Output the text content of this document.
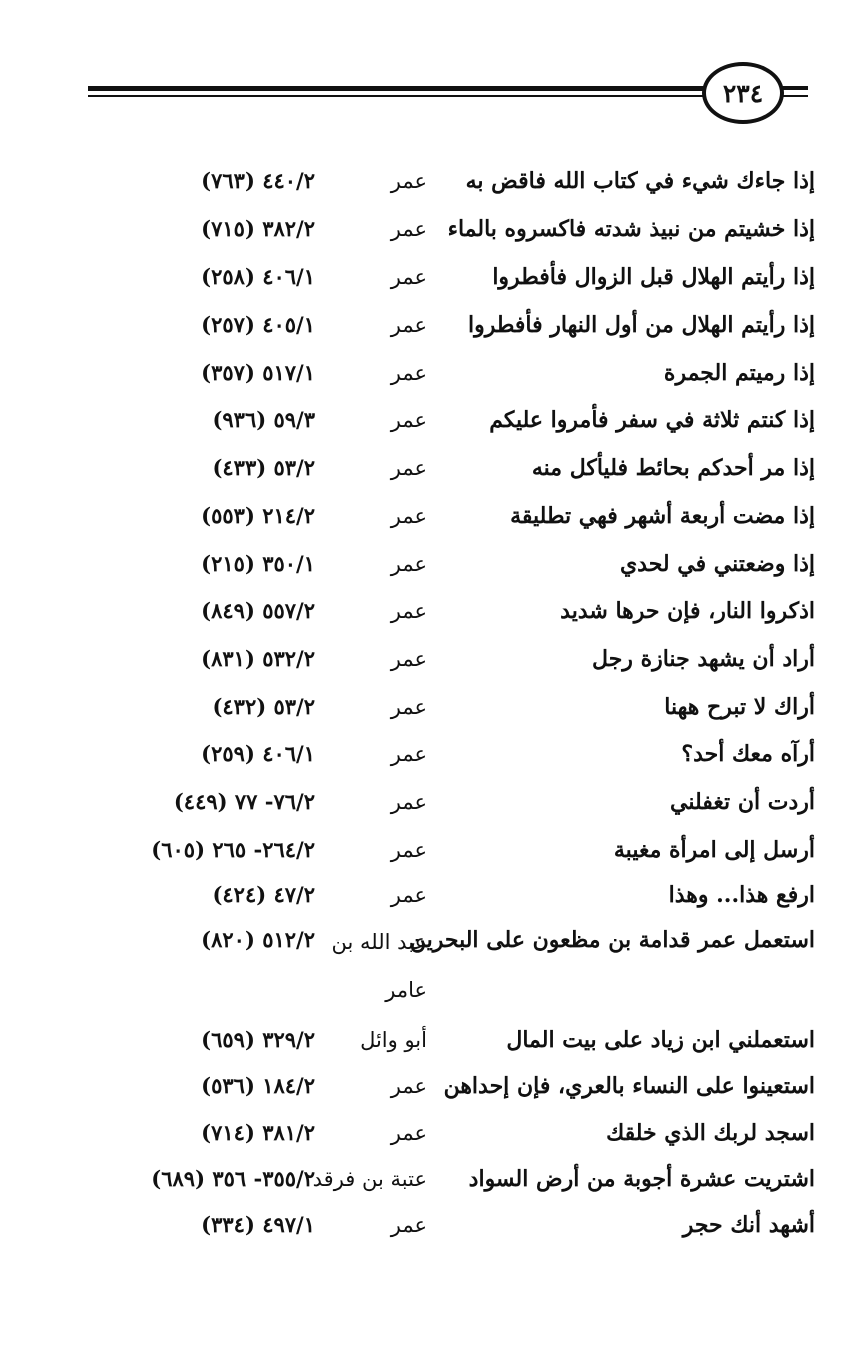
٢٣٤
إذا جاءك شيء في كتاب الله فاقض به
عمر
٤٤٠/٢ (٧٦٣)
إذا خشيتم من نبيذ شدته فاكسروه بالماء
عمر
٣٨٢/٢ (٧١٥)
إذا رأيتم الهلال قبل الزوال فأفطروا
عمر
٤٠٦/١ (٢٥٨)
إذا رأيتم الهلال من أول النهار فأفطروا
عمر
٤٠٥/١ (٢٥٧)
إذا رميتم الجمرة
عمر
٥١٧/١ (٣٥٧)
إذا كنتم ثلاثة في سفر فأمروا عليكم
عمر
٥٩/٣ (٩٣٦)
إذا مر أحدكم بحائط فليأكل منه
عمر
٥٣/٢ (٤٣٣)
إذا مضت أربعة أشهر فهي تطليقة
عمر
٢١٤/٢ (٥٥٣)
إذا وضعتني في لحدي
عمر
٣٥٠/١ (٢١٥)
اذكروا النار، فإن حرها شديد
عمر
٥٥٧/٢ (٨٤٩)
أراد أن يشهد جنازة رجل
عمر
٥٣٢/٢ (٨٣١)
أراك لا تبرح ههنا
عمر
٥٣/٢ (٤٣٢)
أرآه معك أحد؟
عمر
٤٠٦/١ (٢٥٩)
أردت أن تغفلني
عمر
٧٦/٢- ٧٧ (٤٤٩)
أرسل إلى امرأة مغيبة
عمر
٢٦٤/٢- ٢٦٥ (٦٠٥)
ارفع هذا... وهذا
عمر
٤٧/٢ (٤٢٤)
استعمل عمر قدامة بن مظعون على البحرين
عبد الله بن عامر
٥١٢/٢ (٨٢٠)
استعملني ابن زياد على بيت المال
أبو وائل
٣٢٩/٢ (٦٥٩)
استعينوا على النساء بالعري، فإن إحداهن
عمر
١٨٤/٢ (٥٣٦)
اسجد لربك الذي خلقك
عمر
٣٨١/٢ (٧١٤)
اشتريت عشرة أجوبة من أرض السواد
عتبة بن فرقد
٣٥٥/٢- ٣٥٦ (٦٨٩)
أشهد أنك حجر
عمر
٤٩٧/١ (٣٣٤)
